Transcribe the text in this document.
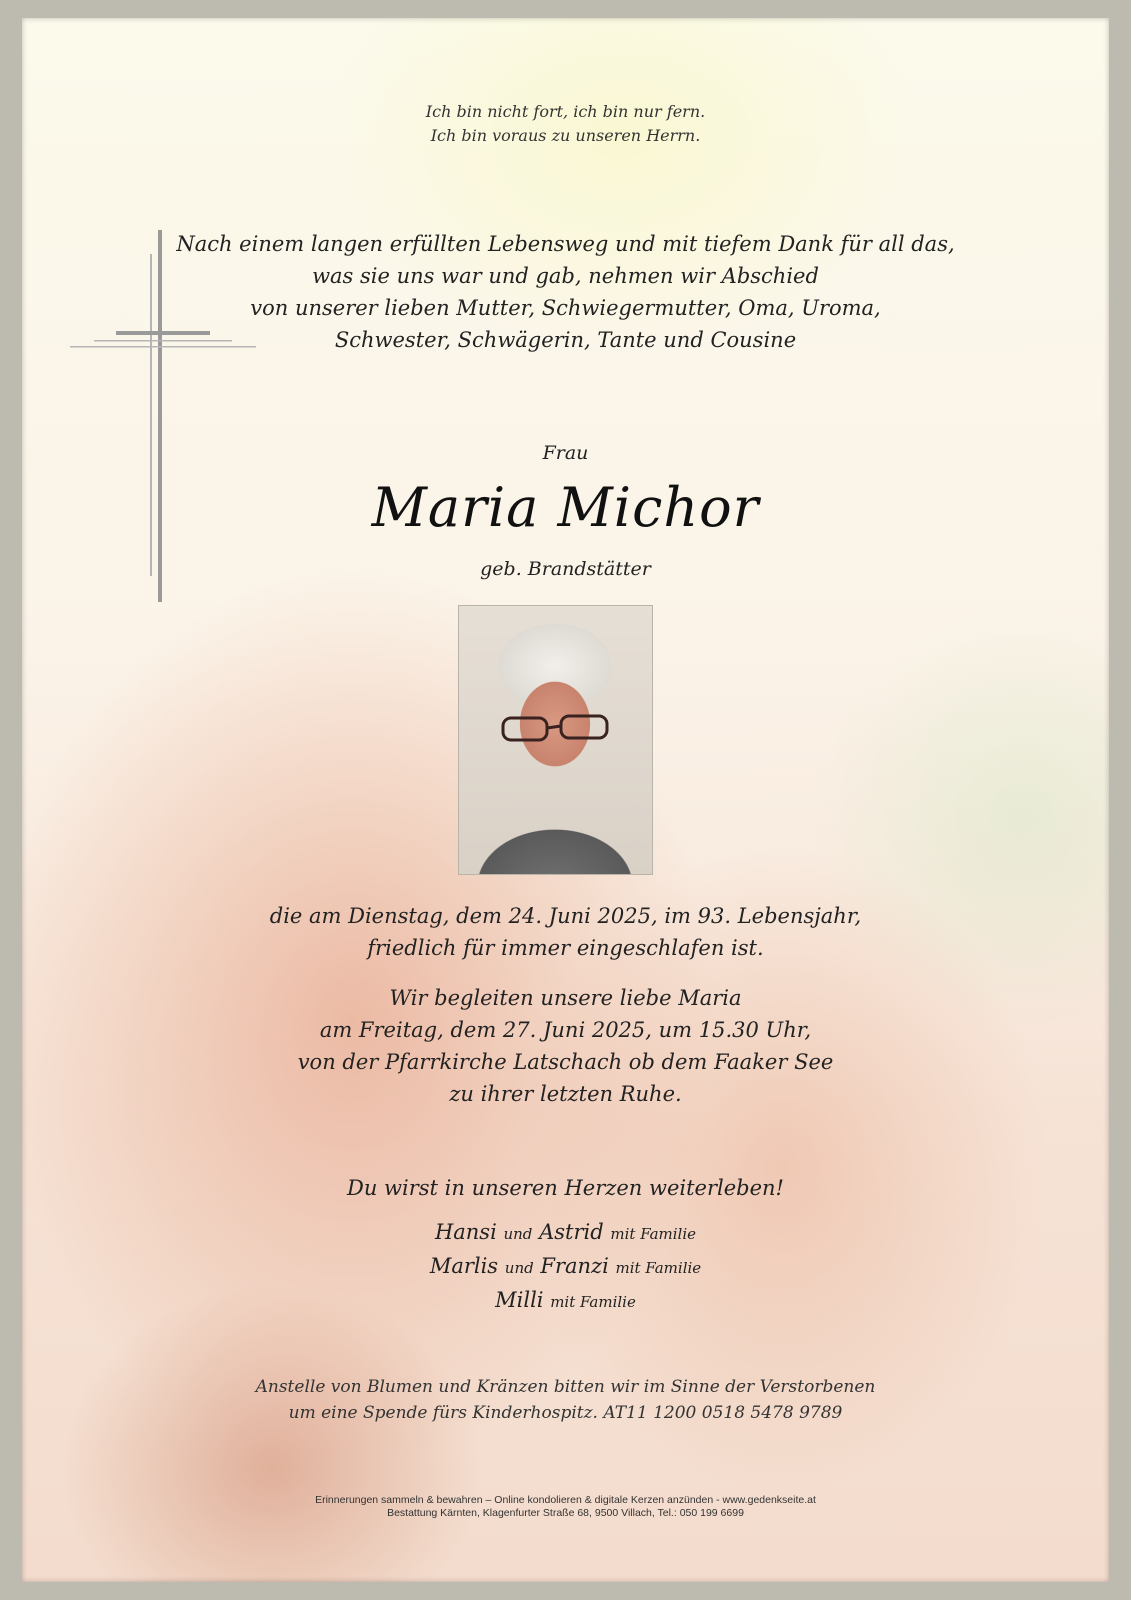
Ich bin nicht fort, ich bin nur fern.
Ich bin voraus zu unseren Herrn.
Nach einem langen erfüllten Lebensweg und mit tiefem Dank für all das,
was sie uns war und gab, nehmen wir Abschied
von unserer lieben Mutter, Schwiegermutter, Oma, Uroma,
Schwester, Schwägerin, Tante und Cousine
Frau
Maria Michor
geb. Brandstätter
die am Dienstag, dem 24. Juni 2025, im 93. Lebensjahr,
friedlich für immer eingeschlafen ist.
Wir begleiten unsere liebe Maria
am Freitag, dem 27. Juni 2025, um 15.30 Uhr,
von der Pfarrkirche Latschach ob dem Faaker See
zu ihrer letzten Ruhe.
Du wirst in unseren Herzen weiterleben!
Hansi und Astrid mit Familie
Marlis und Franzi mit Familie
Milli mit Familie
Anstelle von Blumen und Kränzen bitten wir im Sinne der Verstorbenen
um eine Spende fürs Kinderhospitz. AT11 1200 0518 5478 9789
Erinnerungen sammeln & bewahren – Online kondolieren & digitale Kerzen anzünden - www.gedenkseite.at
Bestattung Kärnten, Klagenfurter Straße 68, 9500 Villach, Tel.: 050 199 6699
